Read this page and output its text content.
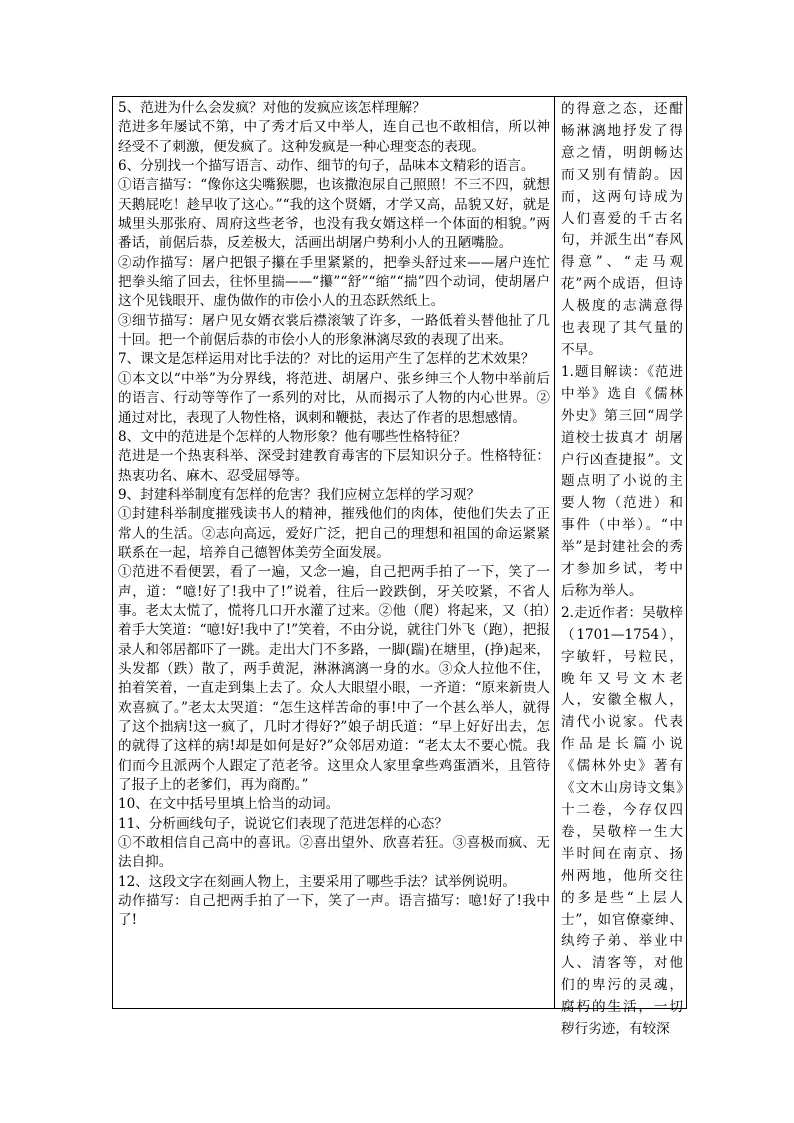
5、范进为什么会发疯？对他的发疯应该怎样理解？

范进多年屡试不第，中了秀才后又中举人，连自己也不敢相信，所以神经受不了刺激，便发疯了。这种发疯是一种心理变态的表现。

6、分别找一个描写语言、动作、细节的句子，品味本文精彩的语言。

①语言描写：“像你这尖嘴猴腮，也该撒泡尿自己照照！不三不四，就想天鹅屁吃！趁早收了这心。”“我的这个贤婿，才学又高，品貌又好，就是城里头那张府、周府这些老爷，也没有我女婿这样一个体面的相貌。”两番话，前倨后恭，反差极大，活画出胡屠户势利小人的丑陋嘴脸。

②动作描写：屠户把银子攥在手里紧紧的，把拳头舒过来——屠户连忙把拳头缩了回去，往怀里揣——“攥”“舒”“缩”“揣”四个动词，使胡屠户这个见钱眼开、虚伪做作的市侩小人的丑态跃然纸上。

③细节描写：屠户见女婿衣裳后襟滚皱了许多，一路低着头替他扯了几十回。把一个前倨后恭的市侩小人的形象淋漓尽致的表现了出来。

7、课文是怎样运用对比手法的？对比的运用产生了怎样的艺术效果？

①本文以“中举”为分界线，将范进、胡屠户、张乡绅三个人物中举前后的语言、行动等等作了一系列的对比，从而揭示了人物的内心世界。②通过对比，表现了人物性格，讽刺和鞭挞，表达了作者的思想感情。

8、文中的范进是个怎样的人物形象？他有哪些性格特征？

范进是一个热衷科举、深受封建教育毒害的下层知识分子。性格特征：热衷功名、麻木、忍受屈辱等。

9、封建科举制度有怎样的危害？我们应树立怎样的学习观？

①封建科举制度摧残读书人的精神，摧残他们的肉体，使他们失去了正常人的生活。②志向高远，爱好广泛，把自己的理想和祖国的命运紧紧联系在一起，培养自己德智体美劳全面发展。

①范进不看便罢，看了一遍，又念一遍，自己把两手拍了一下，笑了一声，道：“噫!好了!我中了!”说着，往后一跤跌倒，牙关咬紧，不省人事。老太太慌了，慌将几口开水灌了过来。②他（爬）将起来，又（拍）着手大笑道：“噫!好!我中了!”笑着，不由分说，就往门外飞（跑），把报录人和邻居都吓了一跳。走出大门不多路，一脚(踹)在塘里，(挣)起来，头发都（跌）散了，两手黄泥，淋淋漓漓一身的水。③众人拉他不住，拍着笑着，一直走到集上去了。众人大眼望小眼，一齐道：“原来新贵人欢喜疯了。”老太太哭道：“怎生这样苦命的事!中了一个甚么举人，就得了这个拙病!这一疯了，几时才得好?”娘子胡氏道：“早上好好出去，怎的就得了这样的病!却是如何是好?”众邻居劝道：“老太太不要心慌。我们而今且派两个人跟定了范老爷。这里众人家里拿些鸡蛋酒米，且管待了报子上的老爹们，再为商酌。”

10、在文中括号里填上恰当的动词。

11、分析画线句子，说说它们表现了范进怎样的心态？

①不敢相信自己高中的喜讯。②喜出望外、欣喜若狂。③喜极而疯、无法自抑。

12、这段文字在刻画人物上，主要采用了哪些手法？试举例说明。

动作描写：自己把两手拍了一下，笑了一声。语言描写：噫!好了!我中了!

的得意之态，还酣畅淋漓地抒发了得意之情，明朗畅达而又别有情韵。因而，这两句诗成为人们喜爱的千古名句，并派生出“春风得意”、“走马观花”两个成语，但诗人极度的志满意得也表现了其气量的不早。

1.题目解读：《范进中举》选自《儒林外史》第三回“周学道校士拔真才 胡屠户行凶查捷报”。文题点明了小说的主要人物（范进）和事件（中举）。“中举”是封建社会的秀才参加乡试，考中后称为举人。

2.走近作者：吴敬梓（1701—1754），字敏轩，号粒民，晚年又号文木老人，安徽全椒人，清代小说家。代表作品是长篇小说《儒林外史》著有《文木山房诗文集》十二卷，今存仅四卷，吴敬梓一生大半时间在南京、扬州两地，他所交往的多是些“上层人士”，如官僚豪绅、纨绔子弟、举业中人、清客等，对他们的卑污的灵魂，腐朽的生活，一切秽行劣迹，有较深
